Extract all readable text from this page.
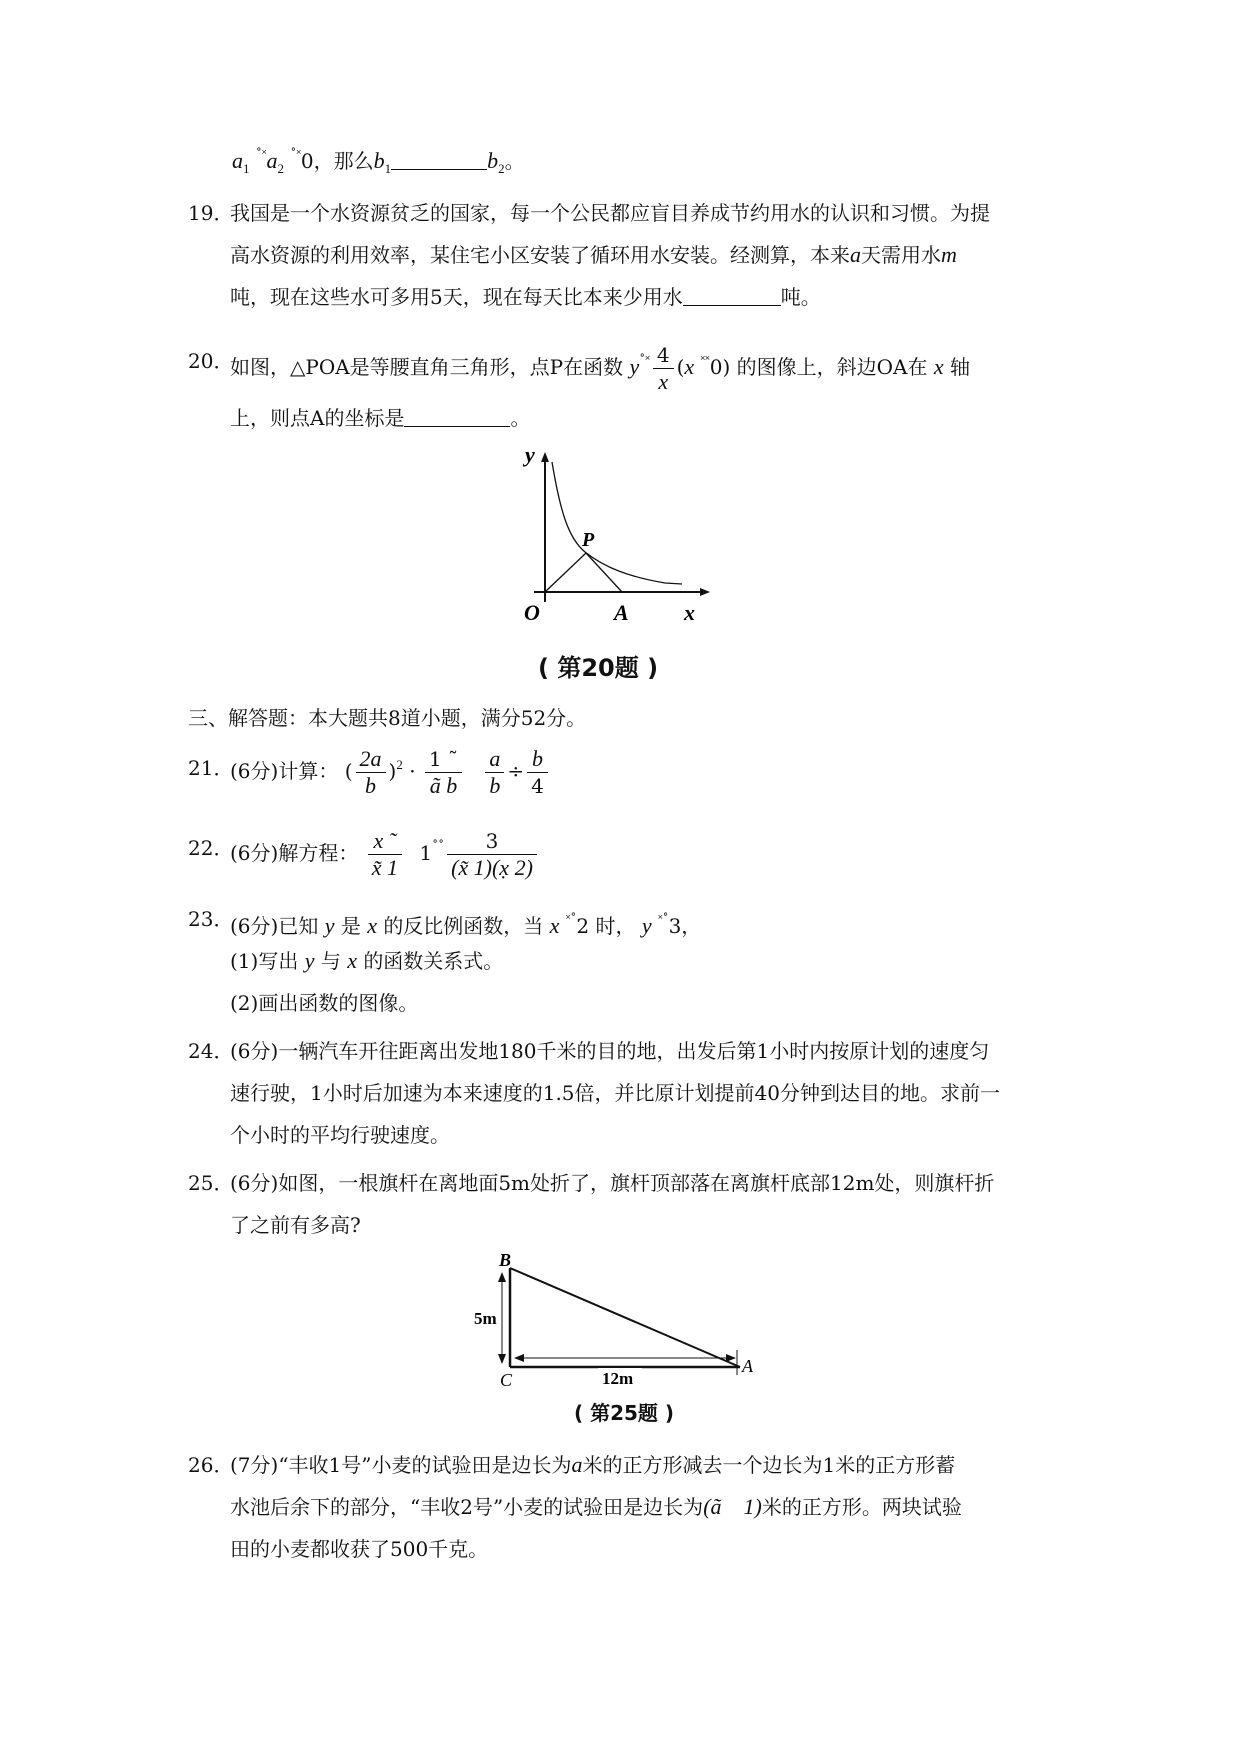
$a_1$ $^{˚˟}a_2$ ˚˟0，那么$b_1$	$b_2$。
19．
我国是一个水资源贫乏的国家，每一个公民都应盲目养成节约用水的认识和习惯。为提
高水资源的利用效率，某住宅小区安装了循环用水安装。经测算，本来a天需用水m
吨，现在这些水可多用5天，现在每天比本来少用水	吨。
20．
如图，△POA是等腰直角三角形，点P在函数 $y^{˚˟} \frac{4}{x} (x$ ˟˟0) 的图像上，斜边OA在 x 轴
上，则点A的坐标是	。
y
P
O	A	x
( 第20题 )
三、解答题：本大题共8道小题，满分52分。
21．
(6分)计算： ( $\frac{2a}{b} )^2 \cdot \frac{1 ˜}{\text{ã b}}$
$\frac{a}{b} \div \frac{b}{4}$
22．
(6分)解方程： $\frac{x ˜}{x̃ 1} 1^{˚˚} \frac{3}{(x̃ 1)(x̣ 2)}$
23．
(6分)已知 y 是 x 的反比例函数，当 x ˟˚2 时， y ˟˚3，
(1)写出 y 与 x 的函数关系式。
(2)画出函数的图像。
24．
(6分)一辆汽车开往距离出发地180千米的目的地，出发后第1小时内按原计划的速度匀
速行驶，1小时后加速为本来速度的1.5倍，并比原计划提前40分钟到达目的地。求前一
个小时的平均行驶速度。
25．
(6分)如图，一根旗杆在离地面5m处折了，旗杆顶部落在离旗杆底部12m处，则旗杆折
了之前有多高?
B
C
A
5m
12m
( 第25题 )
26．
(7分)“丰收1号”小麦的试验田是边长为a米的正方形减去一个边长为1米的正方形蓄
水池后余下的部分，“丰收2号”小麦的试验田是边长为(ã    1)米的正方形。两块试验
田的小麦都收获了500千克。
